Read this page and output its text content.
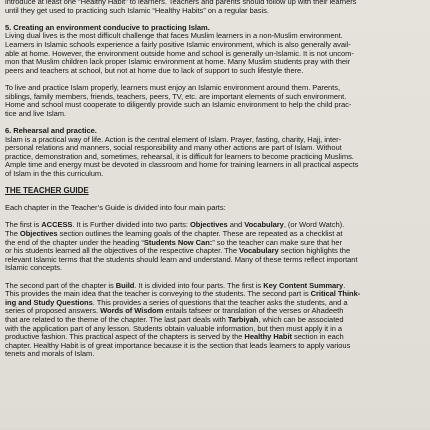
introduce at least one “Healthy Habit” to learners. Teachers and parents should follow up with their learners

until they get used to practicing such Islamic “Healthy Habits” on a regular basis.

5. Creating an environment conducive to practicing Islam.

Living dual lives is the most difficult challenge that faces Muslim learners in a non-Muslim environment.

Learners in Islamic schools experience a fairly positive Islamic environment, which is also generally avail-

able at home. However, the environment outside home and school is generally un-Islamic. It is not uncom-

mon that Muslim children lack proper Islamic environment at home. Many Muslim students pray with their

peers and teachers at school, but not at home due to lack of support to such lifestyle there.

To live and practice Islam properly, learners must enjoy an Islamic environment around them. Parents,

siblings, family members, friends, teachers, peers, TV, etc. are important elements of such environment.

Home and school must cooperate to diligently provide such an Islamic environment to help the child prac-

tice and live Islam.

6. Rehearsal and practice.

Islam is a practical way of life. Action is the central element of Islam. Prayer, fasting, charity, Hajj, inter-

personal relations and manners, social responsibility and many other actions are part of Islam. Without

practice, demonstration and, sometimes, rehearsal, it is difficult for learners to become practicing Muslims.

Ample time and energy must be devoted in classroom and home for training learners in all practical aspects

of Islam in the this curriculum.

THE TEACHER GUIDE

Each chapter in the Teacher’s Guide is divided into four main parts:

The first is ACCESS. It is Further divided into two parts: Objectives and Vocabulary, (or Word Watch).

The Objectives section outlines the learning goals of the chapter. These are repeated as a checklist at

the end of the chapter under the heading “Students Now Can:” so the teacher can make sure that her

or his students learned all the objectives of the respective chapter. The Vocabulary section highlights the

relevant Islamic terms that the students should learn and understand. Many of these terms reflect important

Islamic concepts.

The second part of the chapter is Build. It is divided into four parts. The first is Key Content Summary.

This provides the main idea that the teacher is conveying to the students. The second part is Critical Think-

ing and Study Questions. This provides a series of questions that the teacher asks the students, and a

series of proposed answers. Words of Wisdom entails tafseer or translation of the verses or Ahadeeth

that are related to the theme of the chapter. The last part deals with Tarbiyah, which can be associated

with the application part of any lesson. Students obtain valuable information, but then must apply it in a

productive fashion. This practical aspect of the chapters is served by the Healthy Habit section in each

chapter. Healthy Habit is of great importance because it is the section that leads learners to apply various

tenets and morals of Islam.
